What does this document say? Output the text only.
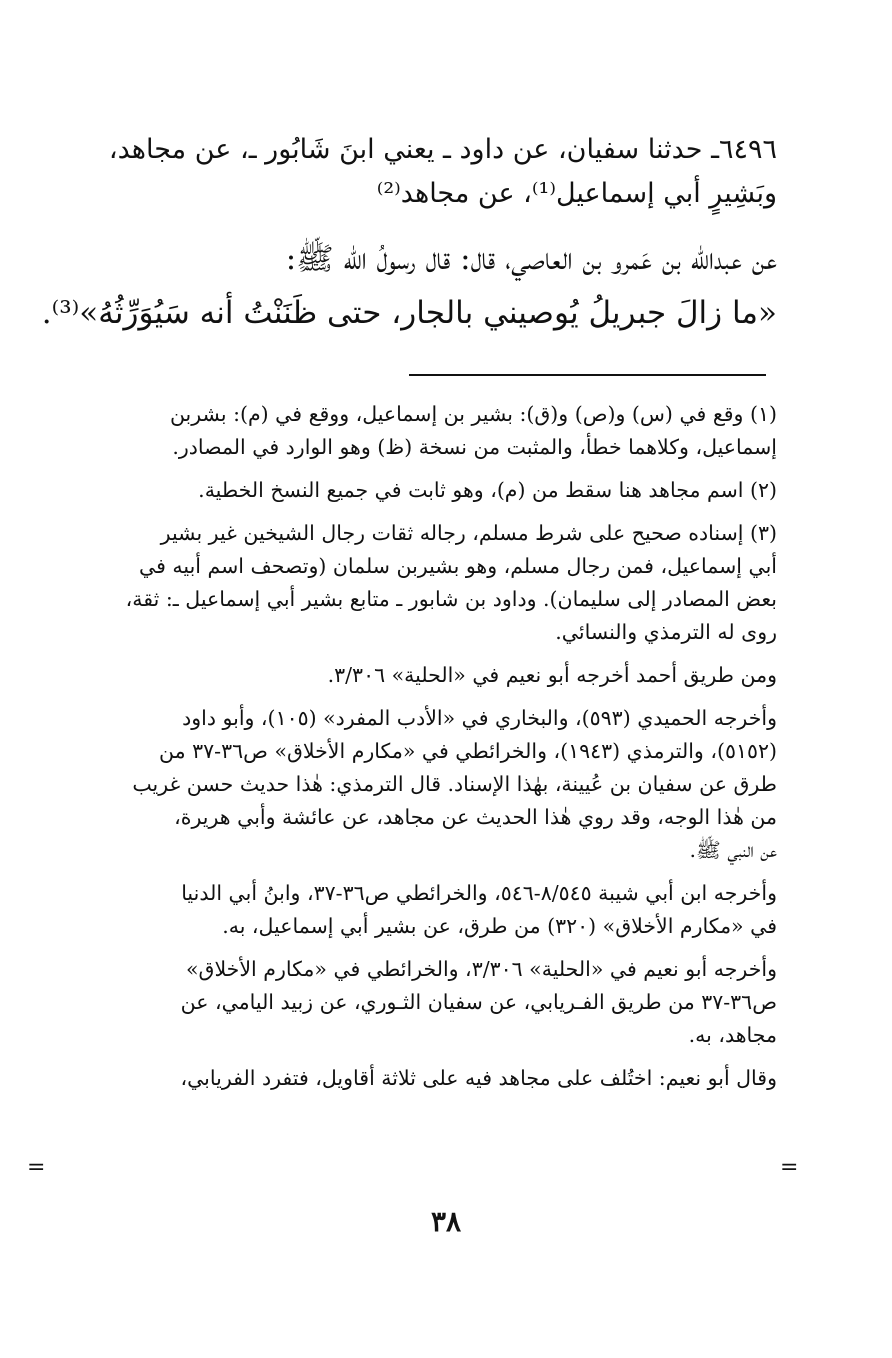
٦٤٩٦ـ حدثنا سفيان، عن داود ـ يعني ابنَ شَابُور ـ، عن مجاهد،
وبَشِيرٍ أبي إسماعيل⁽¹⁾، عن مجاهد⁽²⁾
عن عبدالله بن عَمرو بن العاصي، قال: قال رسولُ الله ﷺ:
«ما زالَ جبريلُ يُوصيني بالجار، حتى ظَنَنْتُ أنه سَيُوَرِّثُهُ»⁽³⁾.
(١) وقع في (س) و(ص) و(ق): بشير بن إسماعيل، ووقع في (م): بشربن
إسماعيل، وكلاهما خطأ، والمثبت من نسخة (ظ) وهو الوارد في المصادر.
(٢) اسم مجاهد هنا سقط من (م)، وهو ثابت في جميع النسخ الخطية.
(٣) إسناده صحيح على شرط مسلم، رجاله ثقات رجال الشيخين غير بشير
أبي إسماعيل، فمن رجال مسلم، وهو بشيربن سلمان (وتصحف اسم أبيه في
بعض المصادر إلى سليمان). وداود بن شابور ـ متابع بشير أبي إسماعيل ـ: ثقة،
روى له الترمذي والنسائي.
ومن طريق أحمد أخرجه أبو نعيم في «الحلية» ٣/٣٠٦.
وأخرجه الحميدي (٥٩٣)، والبخاري في «الأدب المفرد» (١٠٥)، وأبو داود
(٥١٥٢)، والترمذي (١٩٤٣)، والخرائطي في «مكارم الأخلاق» ص٣٦-٣٧ من
طرق عن سفيان بن عُيينة، بهٰذا الإسناد. قال الترمذي: هٰذا حديث حسن غريب
من هٰذا الوجه، وقد روي هٰذا الحديث عن مجاهد، عن عائشة وأبي هريرة،
عن النبي ﷺ.
وأخرجه ابن أبي شيبة ٨/٥٤٥-٥٤٦، والخرائطي ص٣٦-٣٧، وابنُ أبي الدنيا
في «مكارم الأخلاق» (٣٢٠) من طرق، عن بشير أبي إسماعيل، به.
وأخرجه أبو نعيم في «الحلية» ٣/٣٠٦، والخرائطي في «مكارم الأخلاق»
ص٣٦-٣٧ من طريق الفـريابي، عن سفيان الثـوري، عن زبيد اليامي، عن
مجاهد، به.
وقال أبو نعيم: اختُلف على مجاهد فيه على ثلاثة أقاويل، فتفرد الفريابي،
=
=
٣٨
